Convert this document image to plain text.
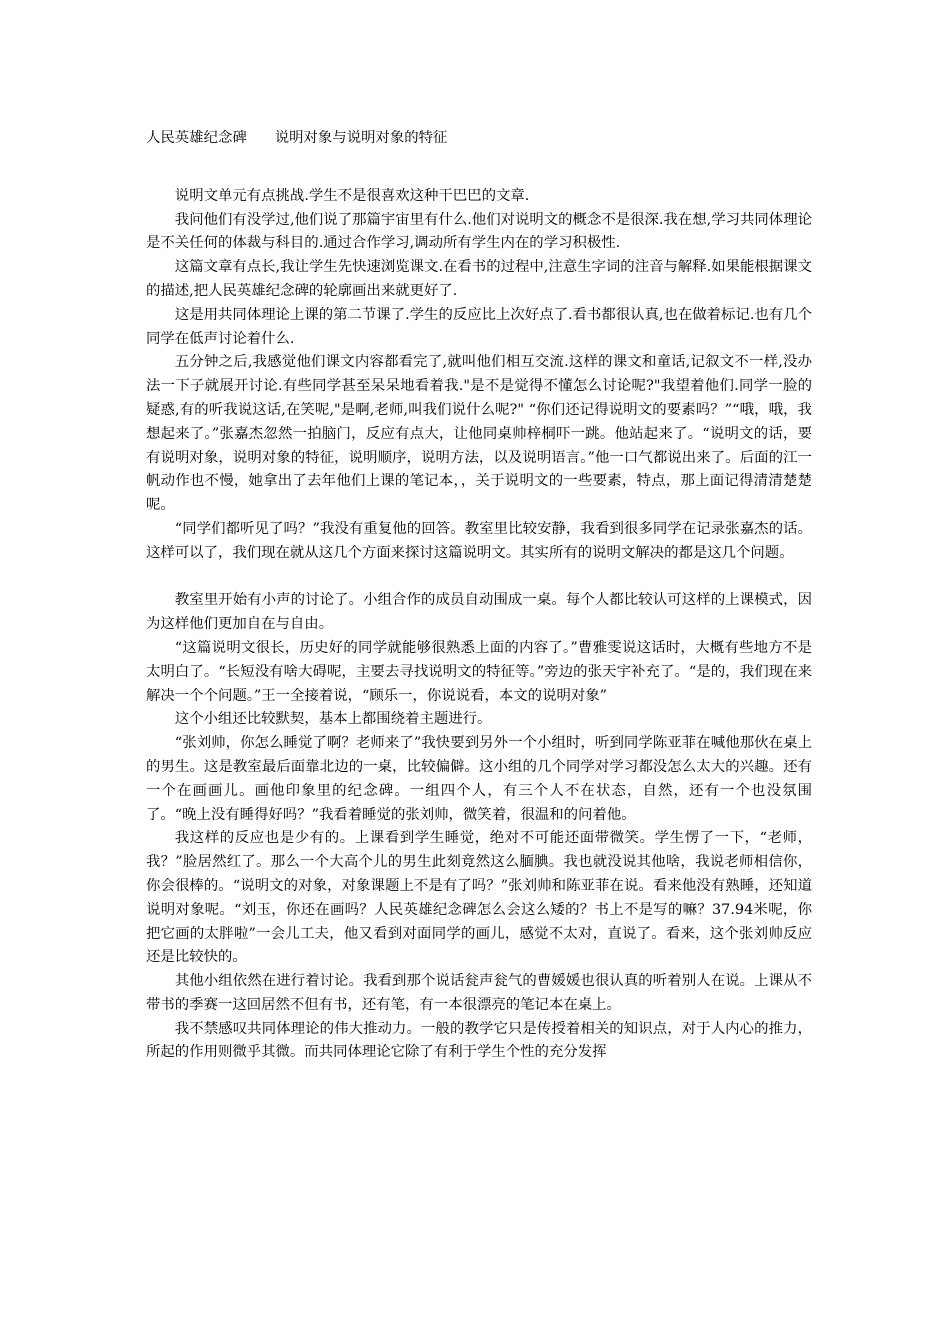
人民英雄纪念碑 说明对象与说明对象的特征

说明文单元有点挑战.学生不是很喜欢这种干巴巴的文章.

我问他们有没学过,他们说了那篇宇宙里有什么.他们对说明文的概念不是很深.我在想,学习共同体理论是不关任何的体裁与科目的.通过合作学习,调动所有学生内在的学习积极性.

这篇文章有点长,我让学生先快速浏览课文.在看书的过程中,注意生字词的注音与解释.如果能根据课文的描述,把人民英雄纪念碑的轮廓画出来就更好了.

这是用共同体理论上课的第二节课了.学生的反应比上次好点了.看书都很认真,也在做着标记.也有几个同学在低声讨论着什么.

五分钟之后,我感觉他们课文内容都看完了,就叫他们相互交流.这样的课文和童话,记叙文不一样,没办法一下子就展开讨论.有些同学甚至呆呆地看着我."是不是觉得不懂怎么讨论呢?"我望着他们.同学一脸的疑惑,有的听我说这话,在笑呢,"是啊,老师,叫我们说什么呢?" “你们还记得说明文的要素吗？”“哦，哦，我想起来了。”张嘉杰忽然一拍脑门，反应有点大，让他同桌帅梓桐吓一跳。他站起来了。“说明文的话，要有说明对象，说明对象的特征，说明顺序，说明方法，以及说明语言。”他一口气都说出来了。后面的江一帆动作也不慢，她拿出了去年他们上课的笔记本，，关于说明文的一些要素，特点，那上面记得清清楚楚呢。

“同学们都听见了吗？”我没有重复他的回答。教室里比较安静，我看到很多同学在记录张嘉杰的话。这样可以了，我们现在就从这几个方面来探讨这篇说明文。其实所有的说明文解决的都是这几个问题。

教室里开始有小声的讨论了。小组合作的成员自动围成一桌。每个人都比较认可这样的上课模式，因为这样他们更加自在与自由。

“这篇说明文很长，历史好的同学就能够很熟悉上面的内容了。”曹雅雯说这话时，大概有些地方不是太明白了。“长短没有啥大碍呢，主要去寻找说明文的特征等。”旁边的张天宇补充了。“是的，我们现在来解决一个个问题。”王一全接着说，“顾乐一，你说说看，本文的说明对象”

这个小组还比较默契，基本上都围绕着主题进行。

“张刘帅，你怎么睡觉了啊？老师来了”我快要到另外一个小组时，听到同学陈亚菲在喊他那伙在桌上的男生。这是教室最后面靠北边的一桌，比较偏僻。这小组的几个同学对学习都没怎么太大的兴趣。还有一个在画画儿。画他印象里的纪念碑。一组四个人，有三个人不在状态，自然，还有一个也没氛围了。“晚上没有睡得好吗？”我看着睡觉的张刘帅，微笑着，很温和的问着他。

我这样的反应也是少有的。上课看到学生睡觉，绝对不可能还面带微笑。学生愣了一下，“老师，我？”脸居然红了。那么一个大高个儿的男生此刻竟然这么腼腆。我也就没说其他啥，我说老师相信你，你会很棒的。“说明文的对象，对象课题上不是有了吗？”张刘帅和陈亚菲在说。看来他没有熟睡，还知道说明对象呢。“刘玉，你还在画吗？人民英雄纪念碑怎么会这么矮的？书上不是写的嘛？37.94米呢，你把它画的太胖啦”一会儿工夫，他又看到对面同学的画儿，感觉不太对，直说了。看来，这个张刘帅反应还是比较快的。

其他小组依然在进行着讨论。我看到那个说话瓮声瓮气的曹媛媛也很认真的听着别人在说。上课从不带书的季赛一这回居然不但有书，还有笔，有一本很漂亮的笔记本在桌上。

我不禁感叹共同体理论的伟大推动力。一般的教学它只是传授着相关的知识点，对于人内心的推力，所起的作用则微乎其微。而共同体理论它除了有利于学生个性的充分发挥
